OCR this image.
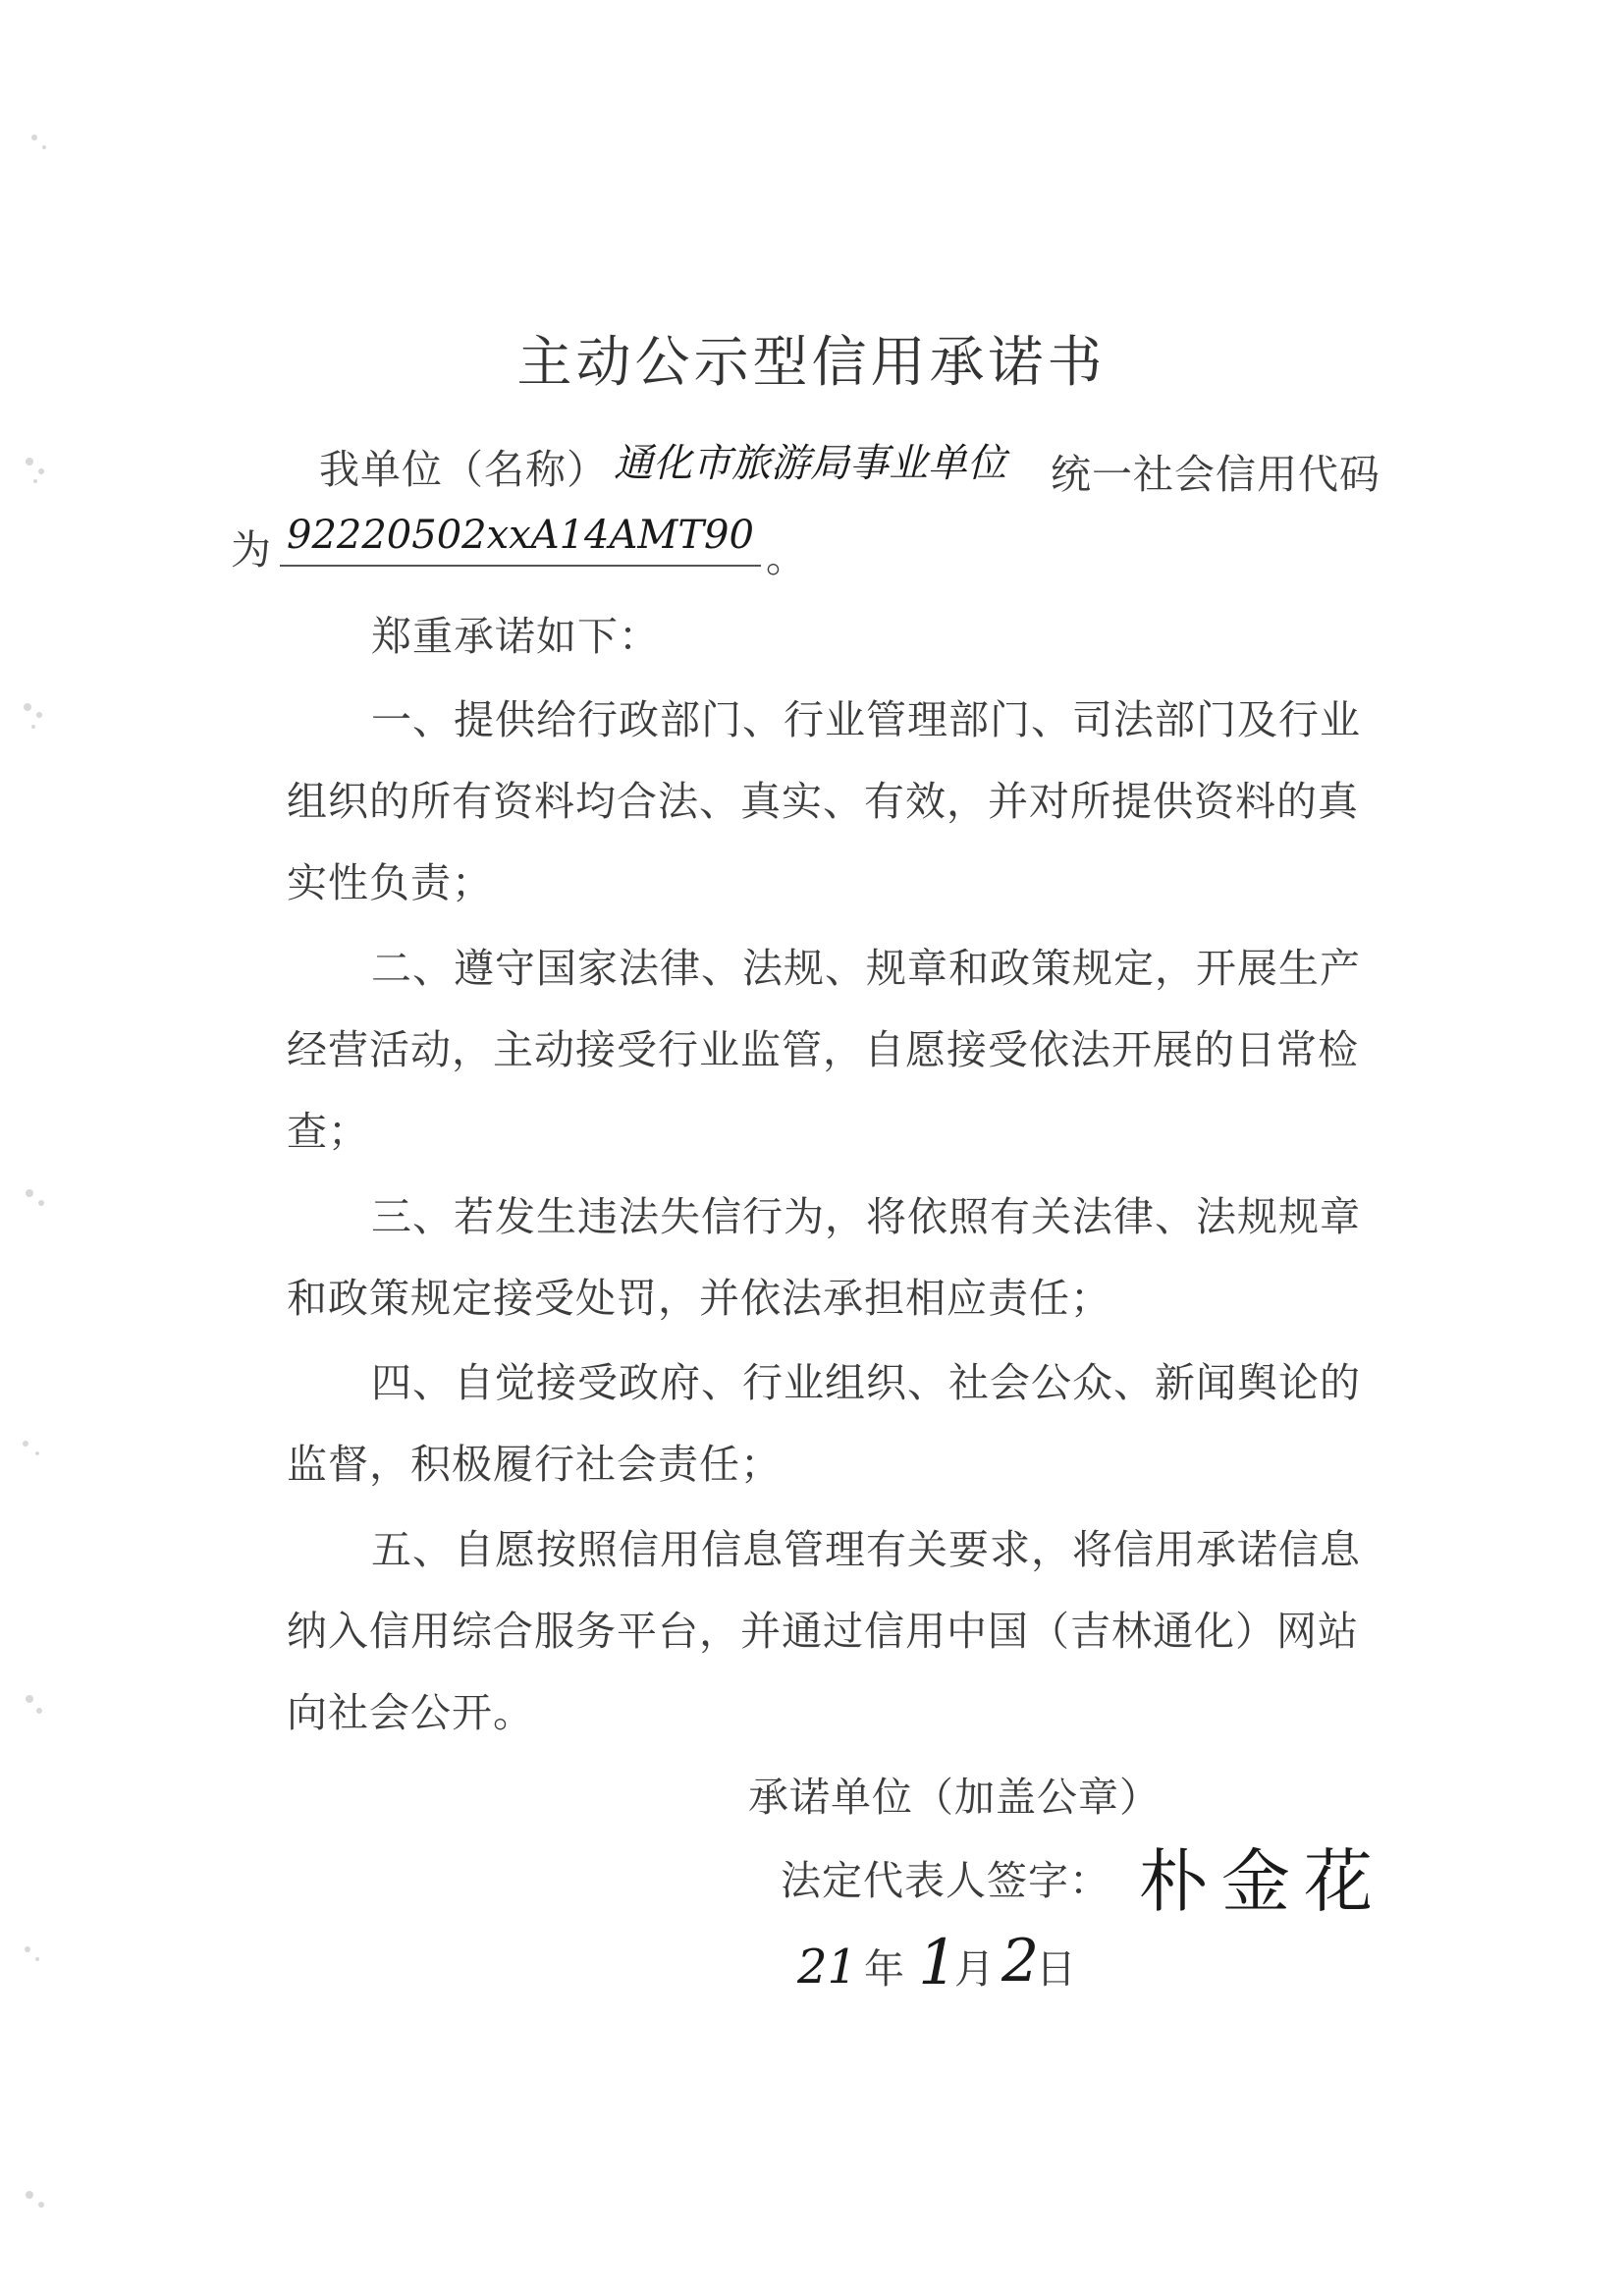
主动公示型信用承诺书
我单位（名称） 通化市旅游局事业单位 统一社会信用代码
为 92220502xxA14AMT90 。
郑重承诺如下：
一、提供给行政部门、行业管理部门、司法部门及行业
组织的所有资料均合法、真实、有效，并对所提供资料的真
实性负责；
二、遵守国家法律、法规、规章和政策规定，开展生产
经营活动，主动接受行业监管，自愿接受依法开展的日常检
查；
三、若发生违法失信行为，将依照有关法律、法规规章
和政策规定接受处罚，并依法承担相应责任；
四、自觉接受政府、行业组织、社会公众、新闻舆论的
监督，积极履行社会责任；
五、自愿按照信用信息管理有关要求，将信用承诺信息
纳入信用综合服务平台，并通过信用中国（吉林通化）网站
向社会公开。
承诺单位（加盖公章）
法定代表人签字： 朴金花
21 年 1
月 2
日
